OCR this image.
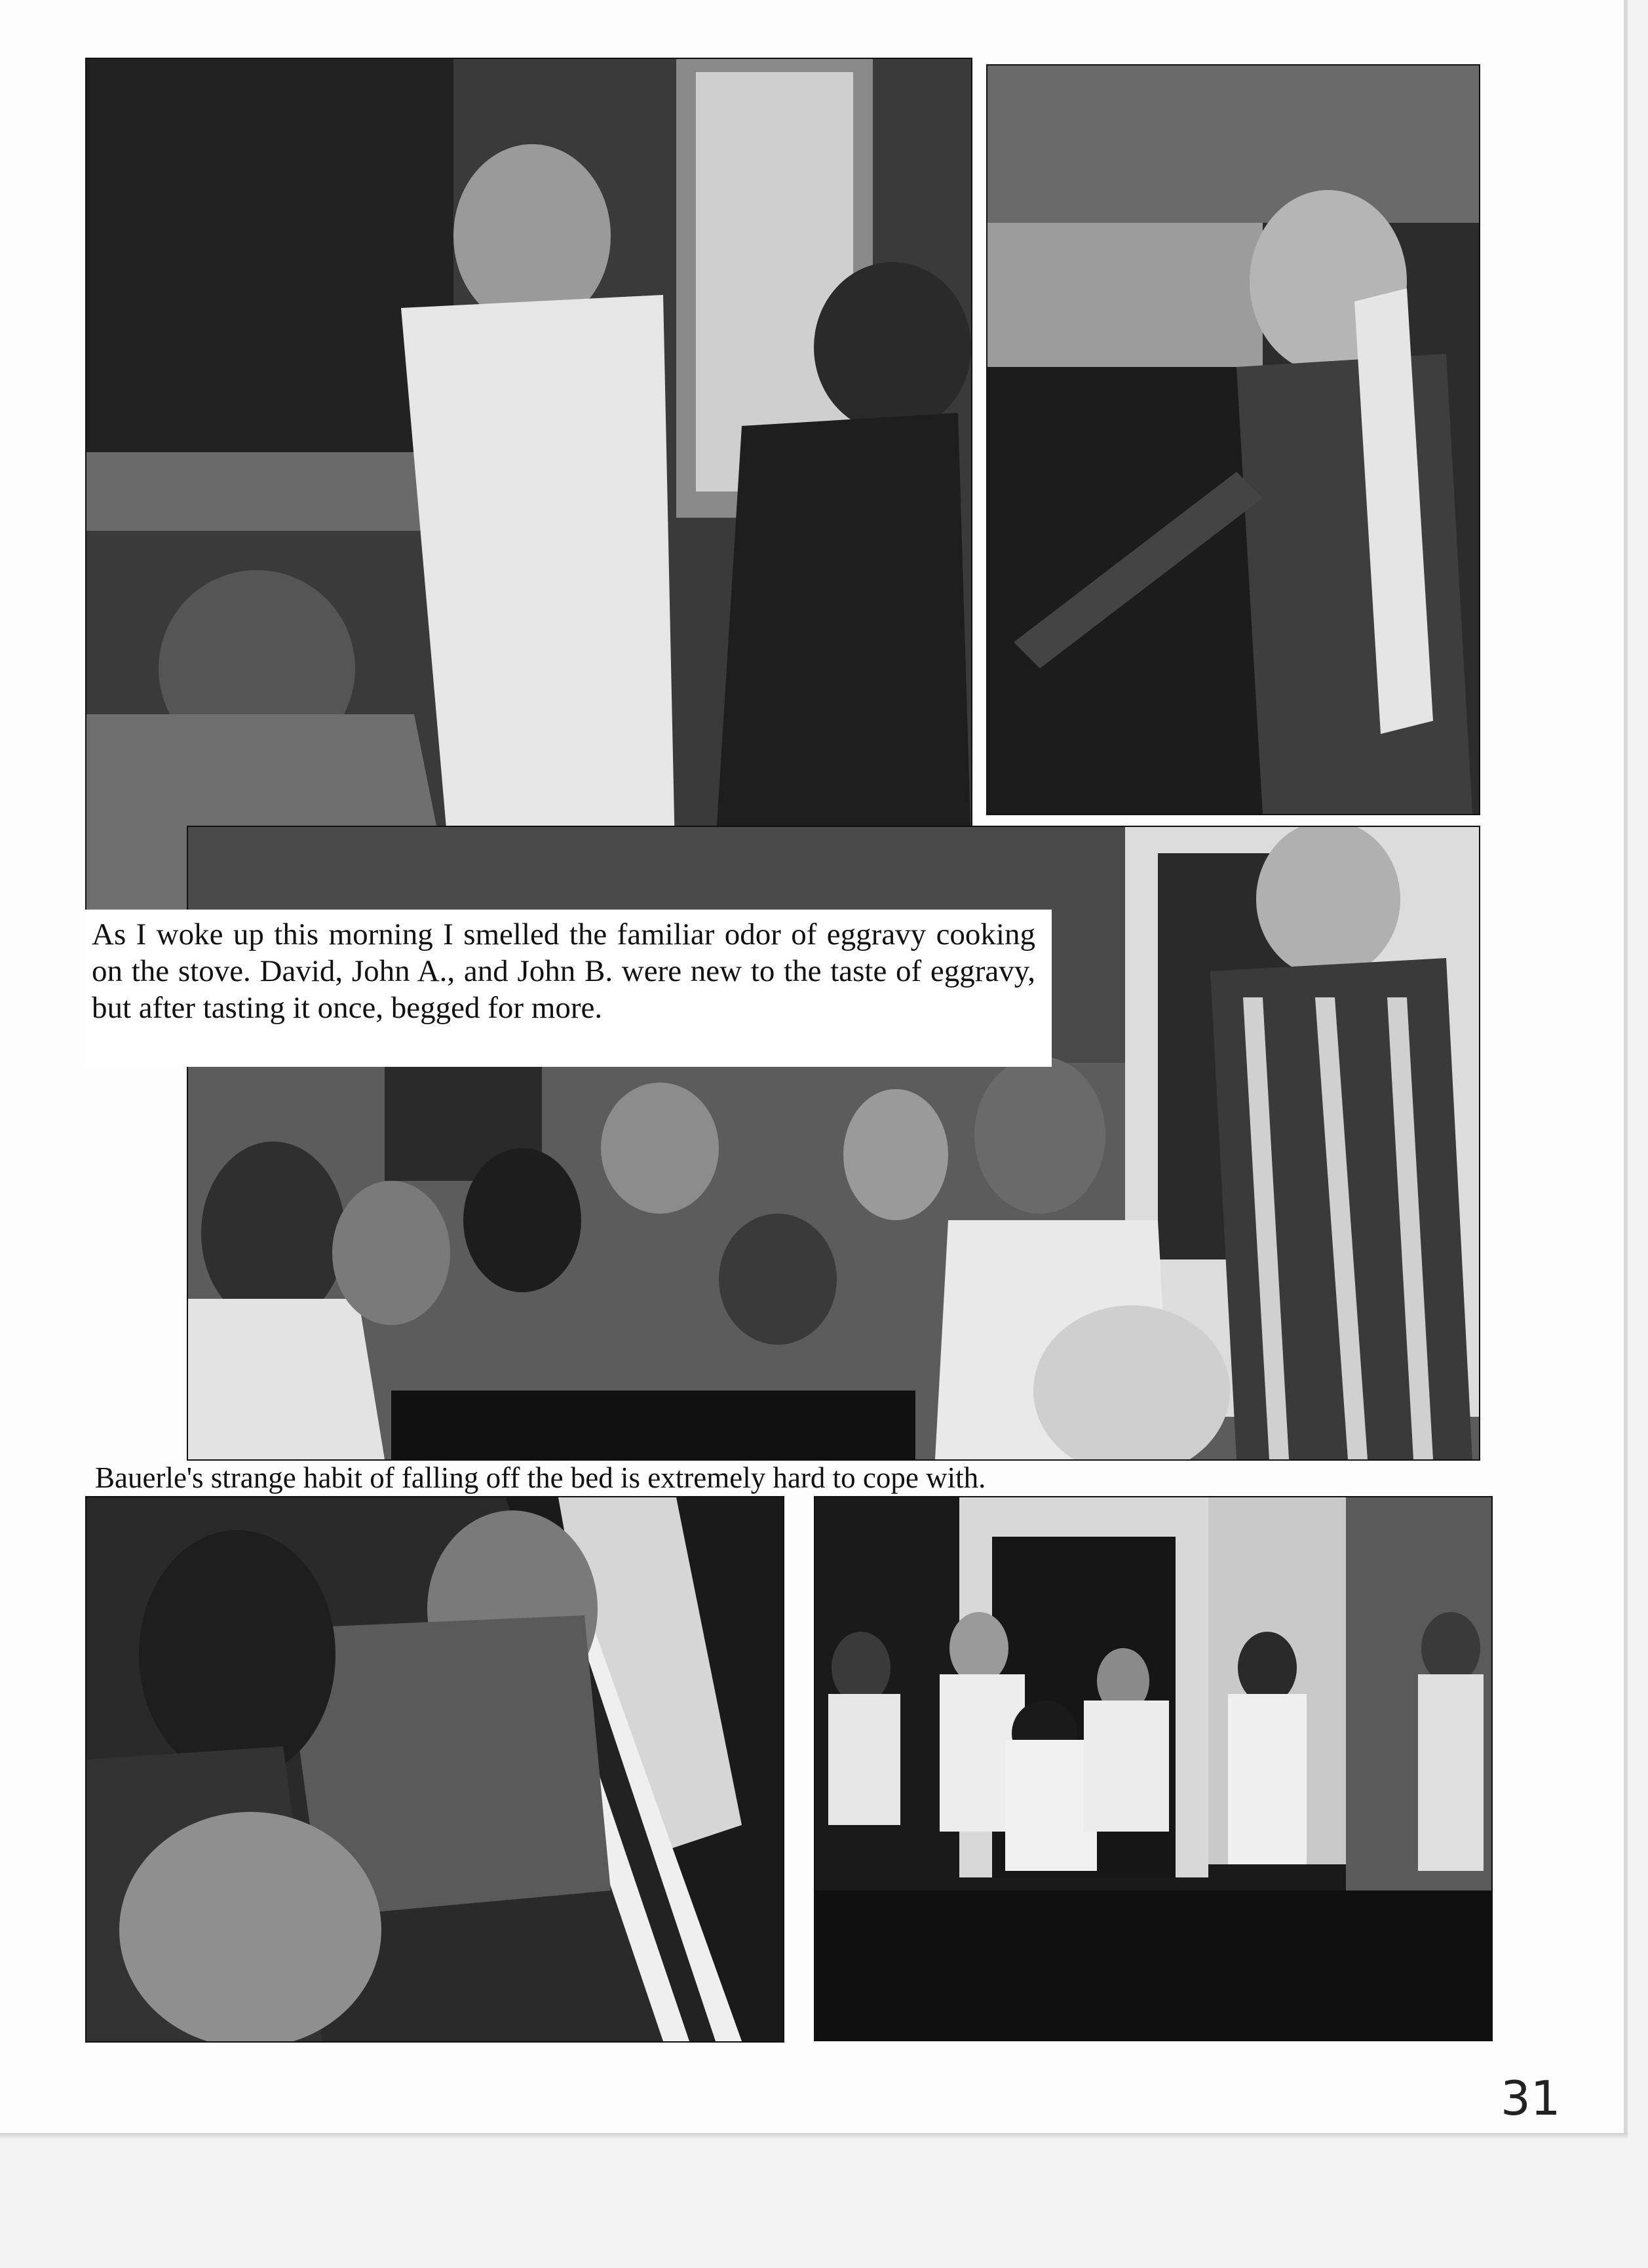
As I woke up this morning I smelled the familiar odor of eggravy cooking on the stove. David, John A., and John B. were new to the taste of eggravy, but after tasting it once, begged for more.
Bauerle's strange habit of falling off the bed is extremely hard to cope with.
31
